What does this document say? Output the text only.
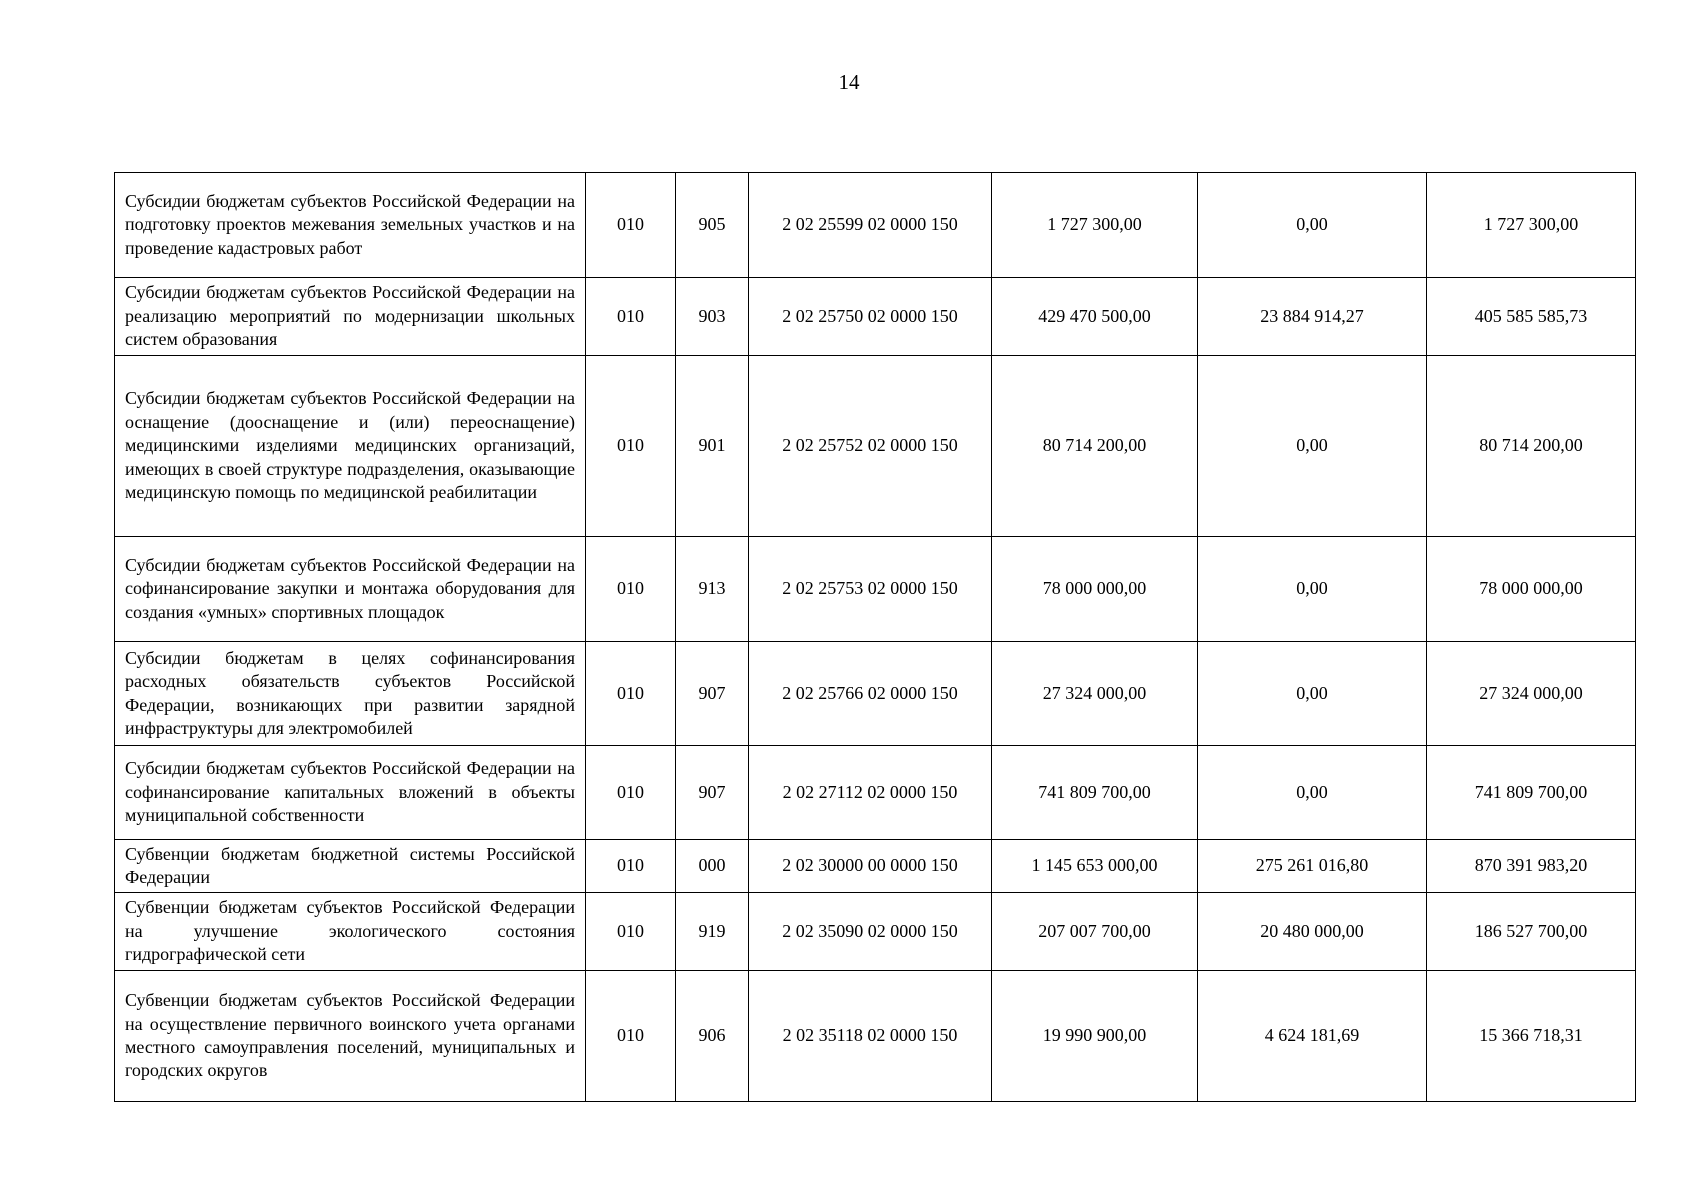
14
Субсидии бюджетам субъектов Российской Федерации на подготовку проектов межевания земельных участков и на проведение кадастровых работ	010	905	2 02 25599 02 0000 150	1 727 300,00	0,00	1 727 300,00
Субсидии бюджетам субъектов Российской Федерации на реализацию мероприятий по модернизации школьных систем образования	010	903	2 02 25750 02 0000 150	429 470 500,00	23 884 914,27	405 585 585,73
Субсидии бюджетам субъектов Российской Федерации на оснащение (дооснащение и (или) переоснащение) медицинскими изделиями медицинских организаций, имеющих в своей структуре подразделения, оказывающие медицинскую помощь по медицинской реабилитации	010	901	2 02 25752 02 0000 150	80 714 200,00	0,00	80 714 200,00
Субсидии бюджетам субъектов Российской Федерации на софинансирование закупки и монтажа оборудования для создания «умных» спортивных площадок	010	913	2 02 25753 02 0000 150	78 000 000,00	0,00	78 000 000,00
Субсидии бюджетам в целях софинансирования расходных обязательств субъектов Российской Федерации, возникающих при развитии зарядной инфраструктуры для электромобилей	010	907	2 02 25766 02 0000 150	27 324 000,00	0,00	27 324 000,00
Субсидии бюджетам субъектов Российской Федерации на софинансирование капитальных вложений в объекты муниципальной собственности	010	907	2 02 27112 02 0000 150	741 809 700,00	0,00	741 809 700,00
Субвенции бюджетам бюджетной системы Российской Федерации	010	000	2 02 30000 00 0000 150	1 145 653 000,00	275 261 016,80	870 391 983,20
Субвенции бюджетам субъектов Российской Федерации на улучшение экологического состояния гидрографической сети	010	919	2 02 35090 02 0000 150	207 007 700,00	20 480 000,00	186 527 700,00
Субвенции бюджетам субъектов Российской Федерации на осуществление первичного воинского учета органами местного самоуправления поселений, муниципальных и городских округов	010	906	2 02 35118 02 0000 150	19 990 900,00	4 624 181,69	15 366 718,31
